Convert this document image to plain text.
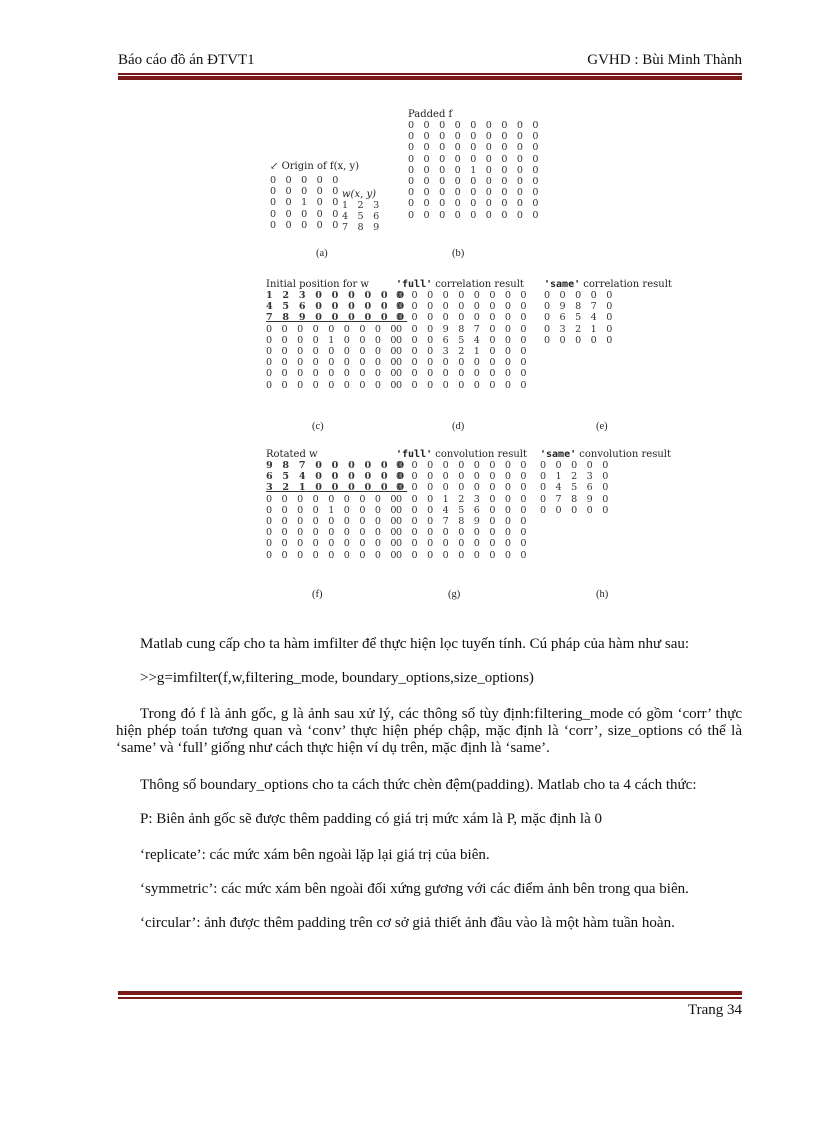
Báo cáo đồ án ĐTVT1	GVHD : Bùi Minh Thành
Padded f
0 0 0 0 0 0 0 0 0
0 0 0 0 0 0 0 0 0
0 0 0 0 0 0 0 0 0
0 0 0 0 0 0 0 0 0
0 0 0 0 1 0 0 0 0
0 0 0 0 0 0 0 0 0
0 0 0 0 0 0 0 0 0
0 0 0 0 0 0 0 0 0
0 0 0 0 0 0 0 0 0
↙ Origin of f(x, y)
0 0 0 0 0
0 0 0 0 0
0 0 1 0 0
0 0 0 0 0
0 0 0 0 0
w(x, y)
1 2 3
4 5 6
7 8 9
(a)	(b)
Initial position for w
1 2 3 0 0 0 0 0 0
4 5 6 0 0 0 0 0 0
7 8 9 0 0 0 0 0 0
0 0 0 0 0 0 0 0 0
0 0 0 0 1 0 0 0 0
0 0 0 0 0 0 0 0 0
0 0 0 0 0 0 0 0 0
0 0 0 0 0 0 0 0 0
0 0 0 0 0 0 0 0 0
'full' correlation result
0 0 0 0 0 0 0 0 0
0 0 0 0 0 0 0 0 0
0 0 0 0 0 0 0 0 0
0 0 0 9 8 7 0 0 0
0 0 0 6 5 4 0 0 0
0 0 0 3 2 1 0 0 0
0 0 0 0 0 0 0 0 0
0 0 0 0 0 0 0 0 0
0 0 0 0 0 0 0 0 0
'same' correlation result
0 0 0 0 0
0 9 8 7 0
0 6 5 4 0
0 3 2 1 0
0 0 0 0 0
(c)	(d)	(e)
Rotated w
9 8 7 0 0 0 0 0 0
6 5 4 0 0 0 0 0 0
3 2 1 0 0 0 0 0 0
0 0 0 0 0 0 0 0 0
0 0 0 0 1 0 0 0 0
0 0 0 0 0 0 0 0 0
0 0 0 0 0 0 0 0 0
0 0 0 0 0 0 0 0 0
0 0 0 0 0 0 0 0 0
'full' convolution result
0 0 0 0 0 0 0 0 0
0 0 0 0 0 0 0 0 0
0 0 0 0 0 0 0 0 0
0 0 0 1 2 3 0 0 0
0 0 0 4 5 6 0 0 0
0 0 0 7 8 9 0 0 0
0 0 0 0 0 0 0 0 0
0 0 0 0 0 0 0 0 0
0 0 0 0 0 0 0 0 0
'same' convolution result
0 0 0 0 0
0 1 2 3 0
0 4 5 6 0
0 7 8 9 0
0 0 0 0 0
(f)	(g)	(h)
Matlab cung cấp cho ta hàm imfilter để thực hiện lọc tuyến tính. Cú pháp của hàm như sau:
>>g=imfilter(f,w,filtering_mode, boundary_options,size_options)
Trong đó f là ảnh gốc, g là ảnh sau xử lý, các thông số tùy định:filtering_mode có gồm ‘corr’ thực hiện phép toán tương quan và ‘conv’ thực hiện phép chập, mặc định là ‘corr’, size_options có thể là ‘same’ và ‘full’ giống như cách thực hiện ví dụ trên, mặc định là ‘same’.
Thông số boundary_options cho ta cách thức chèn đệm(padding). Matlab cho ta 4 cách thức:
P: Biên ảnh gốc sẽ được thêm padding có giá trị mức xám là P, mặc định là 0
‘replicate’: các mức xám bên ngoài lặp lại giá trị của biên.
‘symmetric’: các mức xám bên ngoài đối xứng gương với các điểm ảnh bên trong qua biên.
‘circular’: ảnh được thêm padding trên cơ sở giả thiết ảnh đầu vào là một hàm tuần hoàn.
Trang 34
